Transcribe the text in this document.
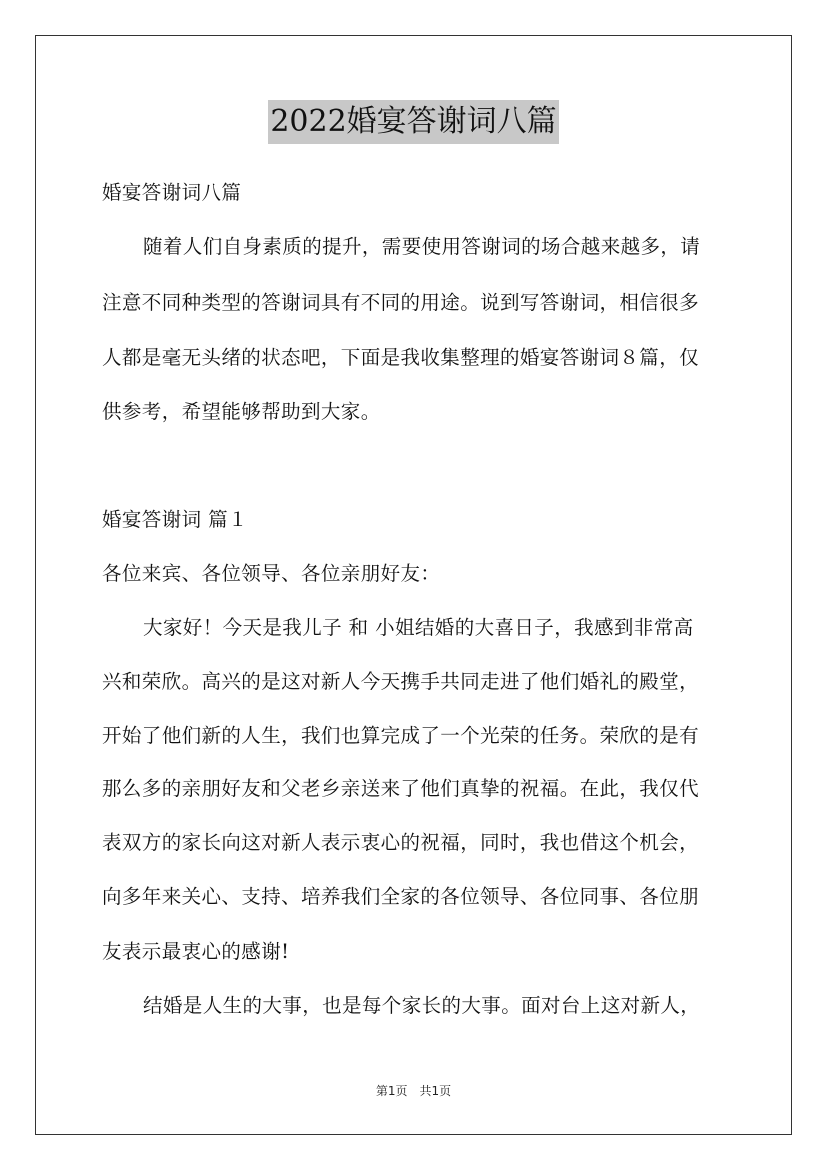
2022婚宴答谢词八篇
婚宴答谢词八篇
随着人们自身素质的提升，需要使用答谢词的场合越来越多，请
注意不同种类型的答谢词具有不同的用途。说到写答谢词，相信很多
人都是毫无头绪的状态吧，下面是我收集整理的婚宴答谢词８篇，仅
供参考，希望能够帮助到大家。
婚宴答谢词 篇１
各位来宾、各位领导、各位亲朋好友：
大家好！今天是我儿子 和 小姐结婚的大喜日子，我感到非常高
兴和荣欣。高兴的是这对新人今天携手共同走进了他们婚礼的殿堂，
开始了他们新的人生，我们也算完成了一个光荣的任务。荣欣的是有
那么多的亲朋好友和父老乡亲送来了他们真挚的祝福。在此，我仅代
表双方的家长向这对新人表示衷心的祝福，同时，我也借这个机会，
向多年来关心、支持、培养我们全家的各位领导、各位同事、各位朋
友表示最衷心的感谢!
结婚是人生的大事，也是每个家长的大事。面对台上这对新人，
第1页　共1页
